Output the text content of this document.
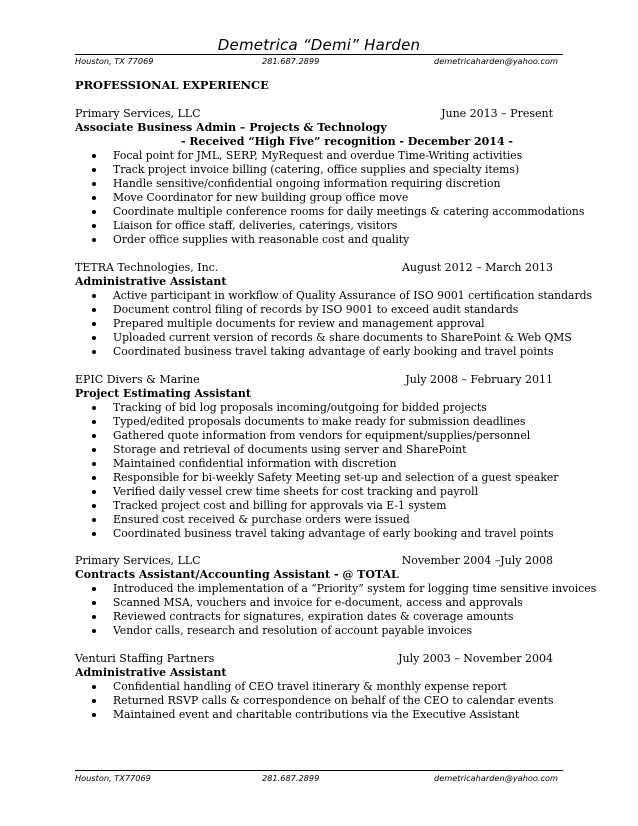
Demetrica “Demi” Harden
Houston, TX 77069	281.687.2899	demetricaharden@yahoo.com
PROFESSIONAL EXPERIENCE
Primary Services, LLC	June 2013 – Present
Associate Business Admin – Projects & Technology
- Received “High Five” recognition - December 2014 -
Focal point for JML, SERP, MyRequest and overdue Time-Writing activities
Track project invoice billing (catering, office supplies and specialty items)
Handle sensitive/confidential ongoing information requiring discretion
Move Coordinator for new building group office move
Coordinate multiple conference rooms for daily meetings & catering accommodations
Liaison for office staff, deliveries, caterings, visitors
Order office supplies with reasonable cost and quality
TETRA Technologies, Inc.	August 2012 – March 2013
Administrative Assistant
Active participant in workflow of Quality Assurance of ISO 9001 certification standards
Document control filing of records by ISO 9001 to exceed audit standards
Prepared multiple documents for review and management approval
Uploaded current version of records & share documents to SharePoint & Web QMS
Coordinated business travel taking advantage of early booking and travel points
EPIC Divers & Marine	July 2008 – February 2011
Project Estimating Assistant
Tracking of bid log proposals incoming/outgoing for bidded projects
Typed/edited proposals documents to make ready for submission deadlines
Gathered quote information from vendors for equipment/supplies/personnel
Storage and retrieval of documents using server and SharePoint
Maintained confidential information with discretion
Responsible for bi-weekly Safety Meeting set-up and selection of a guest speaker
Verified daily vessel crew time sheets for cost tracking and payroll
Tracked project cost and billing for approvals via E-1 system
Ensured cost received & purchase orders were issued
Coordinated business travel taking advantage of early booking and travel points
Primary Services, LLC	November 2004 –July 2008
Contracts Assistant/Accounting Assistant - @ TOTAL
Introduced the implementation of a “Priority” system for logging time sensitive invoices
Scanned MSA, vouchers and invoice for e-document, access and approvals
Reviewed contracts for signatures, expiration dates & coverage amounts
Vendor calls, research and resolution of account payable invoices
Venturi Staffing Partners	July 2003 – November 2004
Administrative Assistant
Confidential handling of CEO travel itinerary & monthly expense report
Returned RSVP calls & correspondence on behalf of the CEO to calendar events
Maintained event and charitable contributions via the Executive Assistant
Houston, TX77069	281.687.2899	demetricaharden@yahoo.com
